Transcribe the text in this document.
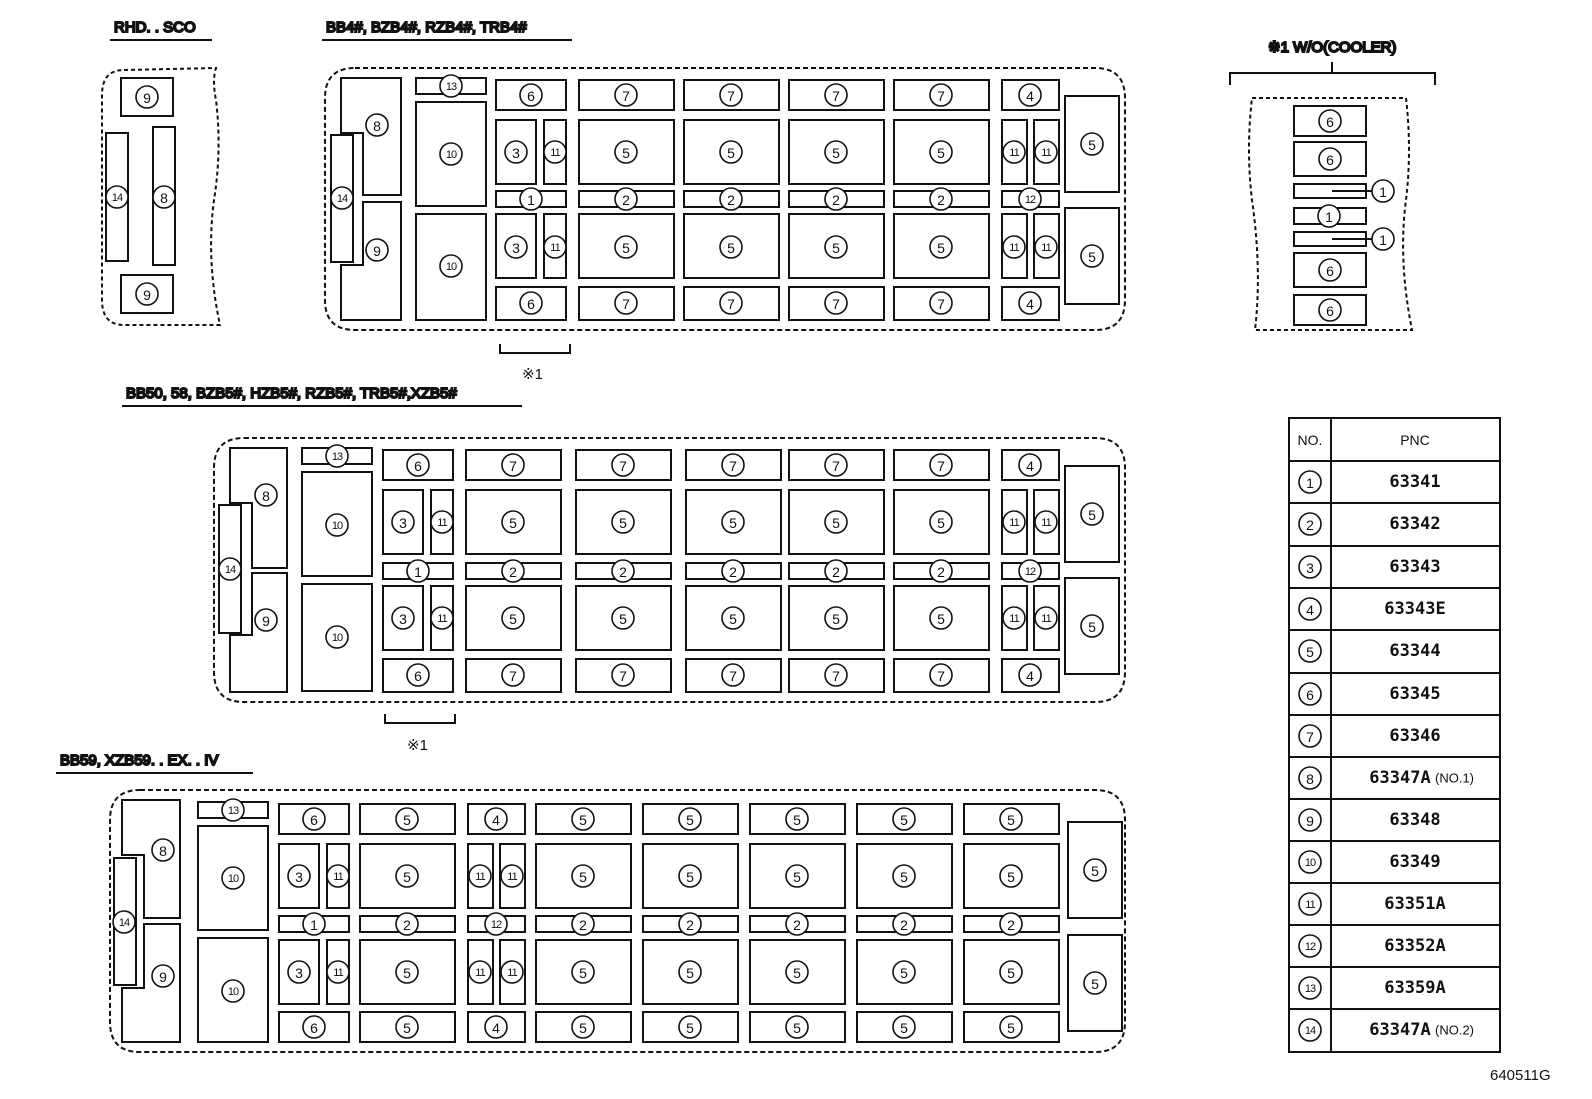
RHD. . SCO	BB4#, BZB4#, RZB4#, TRB4#
BB50, 58, BZB5#, HZB5#, RZB5#, TRB5#,XZB5#
BB59, XZB59. . EX. . IV
※1 W/O(COOLER)
※1
※1
NO.	PNC
1	63341
2	63342
3	63343
4	63343E
5	63344
6	63345
7	63346
8	63347A (NO.1)
9	63348
10	63349
11	63351A
12	63352A
13	63359A
14	63347A (NO.2)
9
9
14	8
6
6
1
6
6
1
1
13
8
9
14
10
10
6
3	11
1
3	11
6
7
5
2
5
7
7
5
2
5
7
7
5
2
5
7
7
5
2
5
7
4
11 11
12
11 11
4
5
5
13
8
9
14
10
10
6
3	11
1
3	11
6
7
5
2
5
7
7
5
2
5
7
7
5
2
5
7
7
5
2
5
7
7
5
2
5
7
4
11 11
12
11 11
4
5
5
13
8
9
14
10
10
6
3	11
1
3	11
6
5
5
2
5
5
4
11 11
12
11 11
4
5
5
2
5
5
5
5
2
5
5
5
5
2
5
5
5
5
2
5
5
5
5
2
5
5
5
5
640511G
